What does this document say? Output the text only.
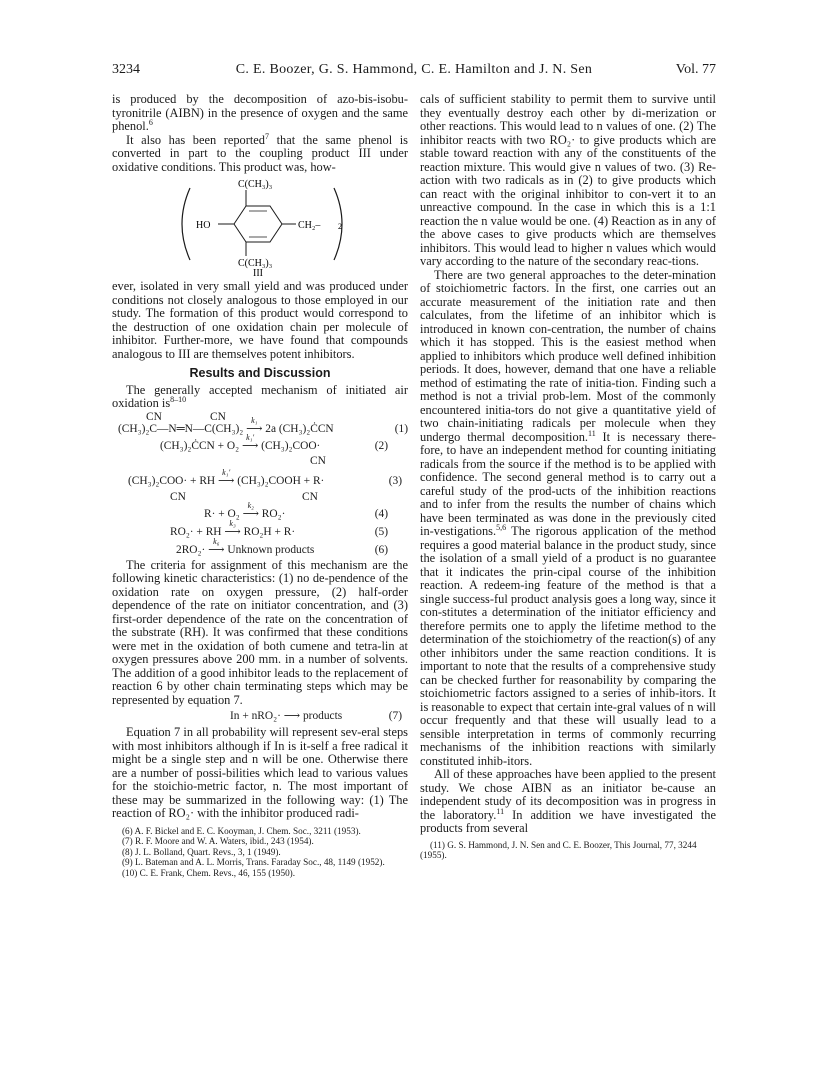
3234	C. E. Boozer, G. S. Hammond, C. E. Hamilton and J. N. Sen	Vol. 77

is produced by the decomposition of azo-bis-isobu-tyronitrile (AIBN) in the presence of oxygen and the same phenol.$^6$

It also has been reported$^7$ that the same phenol is converted in part to the coupling product III under oxidative conditions. This product was, how-

C(CH₃)₃
HO	CH₂– 2
C(CH₃)₃
III

ever, isolated in very small yield and was produced under conditions not closely analogous to those employed in our study. The formation of this product would correspond to the destruction of one oxidation chain per molecule of inhibitor. Further-more, we have found that compounds analogous to III are themselves potent inhibitors.

Results and Discussion

The generally accepted mechanism of initiated air oxidation $is^{8-10}$

CN	CN
(CH₃)₂C—N═N—C(CH₃)₂
k₁
⟶ 2a (CH₃)₂ĊCN	(1)
(CH₃)₂ĊCN + O₂
k₁′
⟶ (CH₃)₂COO·	(2)
CN
(CH₃)₂COO· + RH
k₁′
⟶ (CH₃)₂COOH + R·	(3)
CN	CN
R· + O₂
k₂
⟶ RO₂·	(4)
RO₂· + RH
k₃
⟶ RO₂H + R·	(5)
2RO₂·
k₆
⟶ Unknown products	(6)

The criteria for assignment of this mechanism are the following kinetic characteristics: (1) no de-pendence of the oxidation rate on oxygen pressure, (2) half-order dependence of the rate on initiator concentration, and (3) first-order dependence of the rate on the concentration of the substrate (RH). It was confirmed that these conditions were met in the oxidation of both cumene and tetra-lin at oxygen pressures above 200 mm. in a number of solvents. The addition of a good inhibitor leads to the replacement of reaction 6 by other chain terminating steps which may be represented by equation 7.

In + nRO₂· ⟶ products	(7)

Equation 7 in all probability will represent sev-eral steps with most inhibitors although if In is it-self a free radical it might be a single step and n will be one. Otherwise there are a number of possi-bilities which lead to various values for the stoichio-metric factor, n. The most important of these may be summarized in the following way: (1) The reaction of RO₂· with the inhibitor produced radi-

(6) A. F. Bickel and E. C. Kooyman, J. Chem. Soc., 3211 (1953).
(7) R. F. Moore and W. A. Waters, ibid., 243 (1954).
(8) J. L. Bolland, Quart. Revs., 3, 1 (1949).
(9) L. Bateman and A. L. Morris, Trans. Faraday Soc., 48, 1149 (1952).
(10) C. E. Frank, Chem. Revs., 46, 155 (1950).

cals of sufficient stability to permit them to survive until they eventually destroy each other by di-merization or other reactions. This would lead to n values of one. (2) The inhibitor reacts with two RO₂· to give products which are stable toward reaction with any of the constituents of the reaction mixture. This would give n values of two. (3) Re-action with two radicals as in (2) to give products which can react with the original inhibitor to con-vert it to an unreactive compound. In the case in which this is a 1:1 reaction the n value would be one. (4) Reaction as in any of the above cases to give products which are themselves inhibitors. This would lead to higher n values which would vary according to the nature of the secondary reac-tions.

There are two general approaches to the deter-mination of stoichiometric factors. In the first, one carries out an accurate measurement of the initiation rate and then calculates, from the lifetime of an inhibitor which is introduced in known con-centration, the number of chains which it has stopped. This is the easiest method when applied to inhibitors which produce well defined inhibition periods. It does, however, demand that one have a reliable method of estimating the rate of initia-tion. Finding such a method is not a trivial prob-lem. Most of the commonly encountered initia-tors do not give a quantitative yield of two chain-initiating radicals per molecule when they undergo thermal decomposition.$^{11}$ It is necessary there-fore, to have an independent method for counting initiating radicals from the source if the method is to be applied with confidence. The second general method is to carry out a careful study of the prod-ucts of the inhibition reactions and to infer from the results the number of chains which have been terminated as was done in the previously cited in-vestigations.$^{5,6}$ The rigorous application of the method requires a good material balance in the product study, since the isolation of a small yield of a product is no guarantee that it indicates the prin-cipal course of the inhibition reaction. A redeem-ing feature of the method is that a single success-ful product analysis goes a long way, since it con-stitutes a determination of the initiator efficiency and therefore permits one to apply the lifetime method to the determination of the stoichiometry of the reaction(s) of any other inhibitors under the same reaction conditions. It is important to note that the results of a comprehensive study can be checked further for reasonability by comparing the stoichiometric factors assigned to a series of inhib-itors. It is reasonable to expect that certain inte-gral values of n will occur frequently and that these will usually lead to a sensible interpretation in terms of commonly recurring mechanisms of the inhibition reactions with similarly constituted inhib-itors.

All of these approaches have been applied to the present study. We chose AIBN as an initiator be-cause an independent study of its decomposition was in progress in the laboratory.$^{11}$ In addition we have investigated the products from several

(11) G. S. Hammond, J. N. Sen and C. E. Boozer, This Journal, 77, 3244 (1955).
